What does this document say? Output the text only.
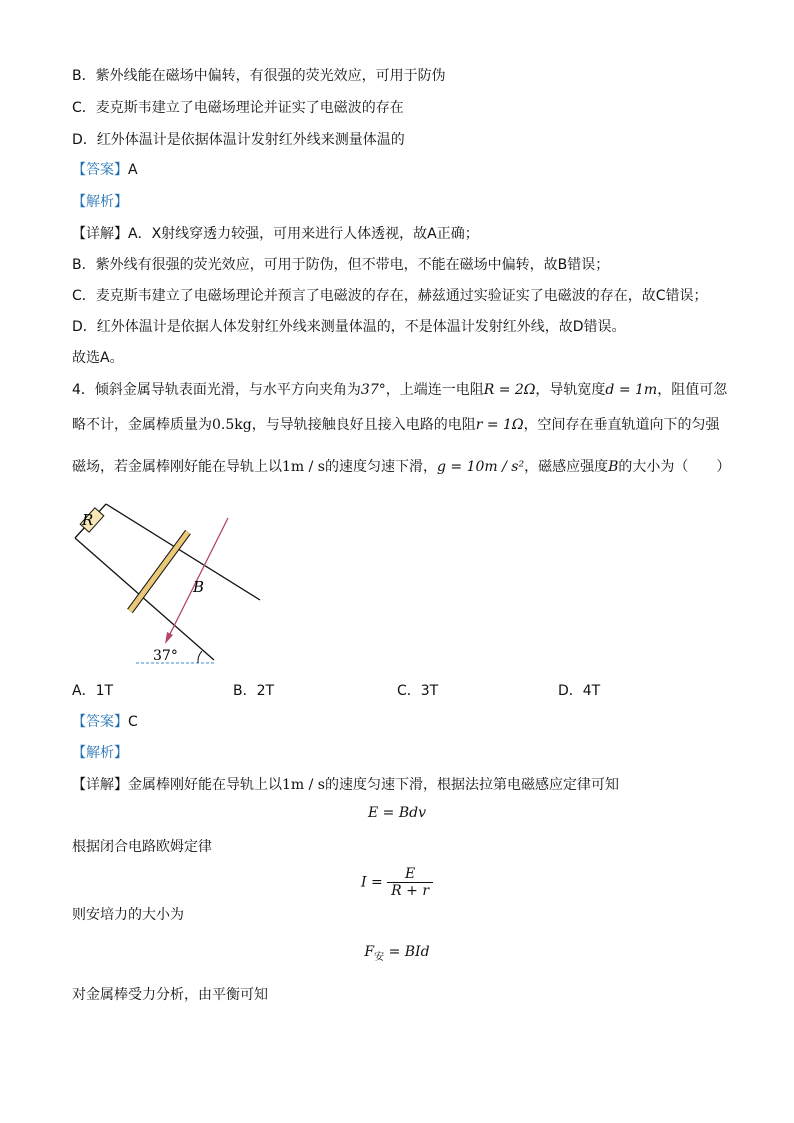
B．紫外线能在磁场中偏转，有很强的荧光效应，可用于防伪
C．麦克斯韦建立了电磁场理论并证实了电磁波的存在
D．红外体温计是依据体温计发射红外线来测量体温的
【答案】A
【解析】
【详解】A．X射线穿透力较强，可用来进行人体透视，故A正确；
B．紫外线有很强的荧光效应，可用于防伪，但不带电，不能在磁场中偏转，故B错误；
C．麦克斯韦建立了电磁场理论并预言了电磁波的存在，赫兹通过实验证实了电磁波的存在，故C错误；
D．红外体温计是依据人体发射红外线来测量体温的，不是体温计发射红外线，故D错误。
故选A。
4．倾斜金属导轨表面光滑，与水平方向夹角为37°，上端连一电阻R = 2Ω，导轨宽度d = 1m，阻值可忽
略不计，金属棒质量为0.5kg，与导轨接触良好且接入电路的电阻r = 1Ω，空间存在垂直轨道向下的匀强
磁场，若金属棒刚好能在导轨上以1m / s的速度匀速下滑，g = 10m / s²，磁感应强度B的大小为（　　）
R
B
37°
A．1T	B．2T	C．3T	D．4T
【答案】C
【解析】
【详解】金属棒刚好能在导轨上以1m / s的速度匀速下滑，根据法拉第电磁感应定律可知
E = Bdv
根据闭合电路欧姆定律
$I = \frac{E}{R + r}$
则安培力的大小为
$F_安$ = BId
对金属棒受力分析，由平衡可知
